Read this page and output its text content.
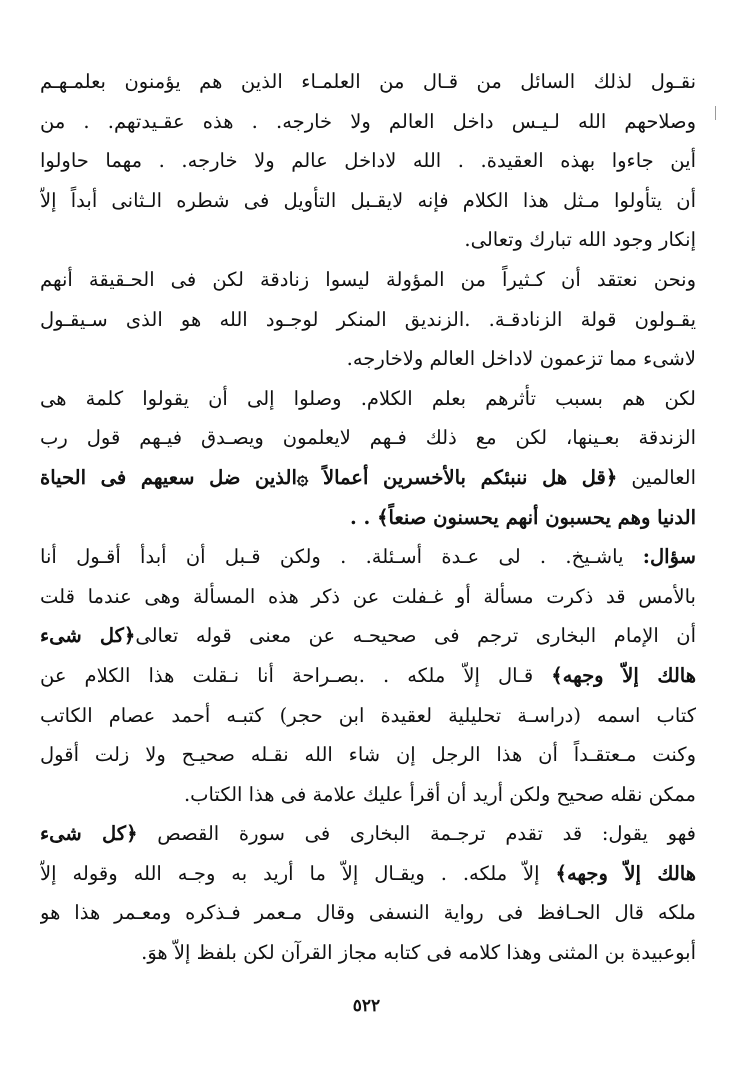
نقـول لذلك السائل من قـال من العلمـاء الذين هم يؤمنون بعلمـهـم
وصلاحهم الله لـيـس داخل العالم ولا خارجه. . هذه عقـيدتهم. . من
أين جاءوا بهذه العقيدة. . الله لاداخل عالم ولا خارجه. . مهما حاولوا
أن يتأولوا مـثل هذا الكلام فإنه لايقـبل التأويل فى شطره الـثانى أبداً إلاّ
إنكار وجود الله تبارك وتعالى.
ونحن نعتقد أن كـثيراً من المؤولة ليسوا زنادقة لكن فى الحـقيقة أنهم
يقـولون قولة الزنادقـة. .الزنديق المنكر لوجـود الله هو الذى سـيقـول
لاشىء مما تزعمون لاداخل العالم ولاخارجه.
لكن هم بسبب تأثرهم بعلم الكلام. وصلوا إلى أن يقولوا كلمة هى
الزندقة بعـينها، لكن مع ذلك فـهم لايعلمون ويصـدق فيـهم قول رب
العالمين ﴿قل هل ننبئكم بالأخسرين أعمالاً ۞الذين ضل سعيهم فى الحياة
الدنيا وهم يحسبون أنهم يحسنون صنعاً﴾ . .
سؤال: ياشـيخ. . لى عـدة أسـئلة. . ولكن قـبل أن أبدأ أقـول أنا
بالأمس قد ذكرت مسألة أو غـفلت عن ذكر هذه المسألة وهى عندما قلت
أن الإمام البخارى ترجم فى صحيحـه عن معنى قوله تعالى﴿كل شىء
هالك إلاّ وجهه﴾ قـال إلاّ ملكه . .بصـراحة أنا نـقلت هذا الكلام عن
كتاب اسمه (دراسـة تحليلية لعقيدة ابن حجر) كتبـه أحمد عصام الكاتب
وكنت مـعتقـداً أن هذا الرجل إن شاء الله نقـله صحيـح ولا زلت أقول
ممكن نقله صحيح ولكن أريد أن أقرأ عليك علامة فى هذا الكتاب.
فهو يقول: قد تقدم ترجـمة البخارى فى سورة القصص ﴿كل شىء
هالك إلاّ وجهه﴾ إلاّ ملكه. . ويقـال إلاّ ما أريد به وجـه الله وقوله إلاّ
ملكه قال الحـافظ فى رواية النسفى وقال مـعمر فـذكره ومعـمر هذا هو
أبوعبيدة بن المثنى وهذا كلامه فى كتابه مجاز القرآن لكن بلفظ إلاّ هوَ.
٥٢٢
